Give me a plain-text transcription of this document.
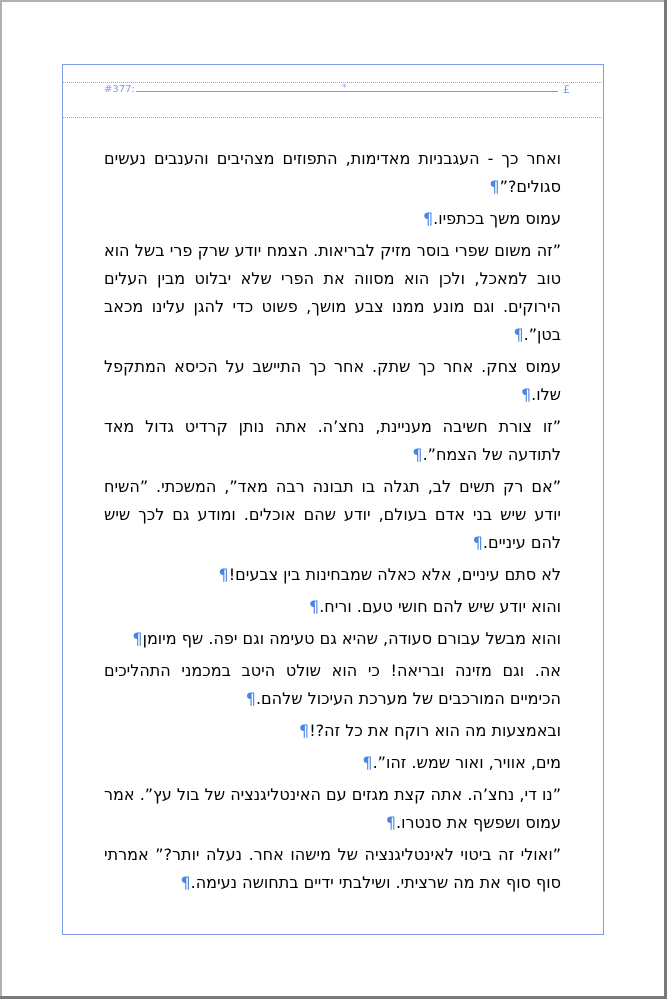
#377:	*	£

ואחר כך - העגבניות מאדימות, התפוזים מצהיבים והענבים נעשים סגולים?”¶

עמוס משך בכתפיו.¶

”זה משום שפרי בוסר מזיק לבריאות. הצמח יודע שרק פרי בשל הוא טוב למאכל, ולכן הוא מסווה את הפרי שלא יבלוט מבין העלים הירוקים. וגם מונע ממנו צבע מושך, פשוט כדי להגן עלינו מכאב בטן”.¶

עמוס צחק. אחר כך שתק. אחר כך התיישב על הכיסא המתקפל שלו.¶

”זו צורת חשיבה מעניינת, נחצ’ה. אתה נותן קרדיט גדול מאד לתודעה של הצמח”.¶

”אם רק תשים לב, תגלה בו תבונה רבה מאד”, המשכתי. ”השיח יודע שיש בני אדם בעולם, יודע שהם אוכלים. ומודע גם לכך שיש להם עיניים.¶

לא סתם עיניים, אלא כאלה שמבחינות בין צבעים!¶

והוא יודע שיש להם חושי טעם. וריח.¶

והוא מבשל עבורם סעודה, שהיא גם טעימה וגם יפה. שף מיומן¶

אה. וגם מזינה ובריאה! כי הוא שולט היטב במכמני התהליכים הכימיים המורכבים של מערכת העיכול שלהם.¶

ובאמצעות מה הוא רוקח את כל זה?!¶

מים, אוויר, ואור שמש. זהו”.¶

”נו די, נחצ’ה. אתה קצת מגזים עם האינטליגנציה של בול עץ”. אמר עמוס ושפשף את סנטרו.¶

”ואולי זה ביטוי לאינטליגנציה של מישהו אחר. נעלה יותר?” אמרתי סוף סוף את מה שרציתי. ושילבתי ידיים בתחושה נעימה.¶
